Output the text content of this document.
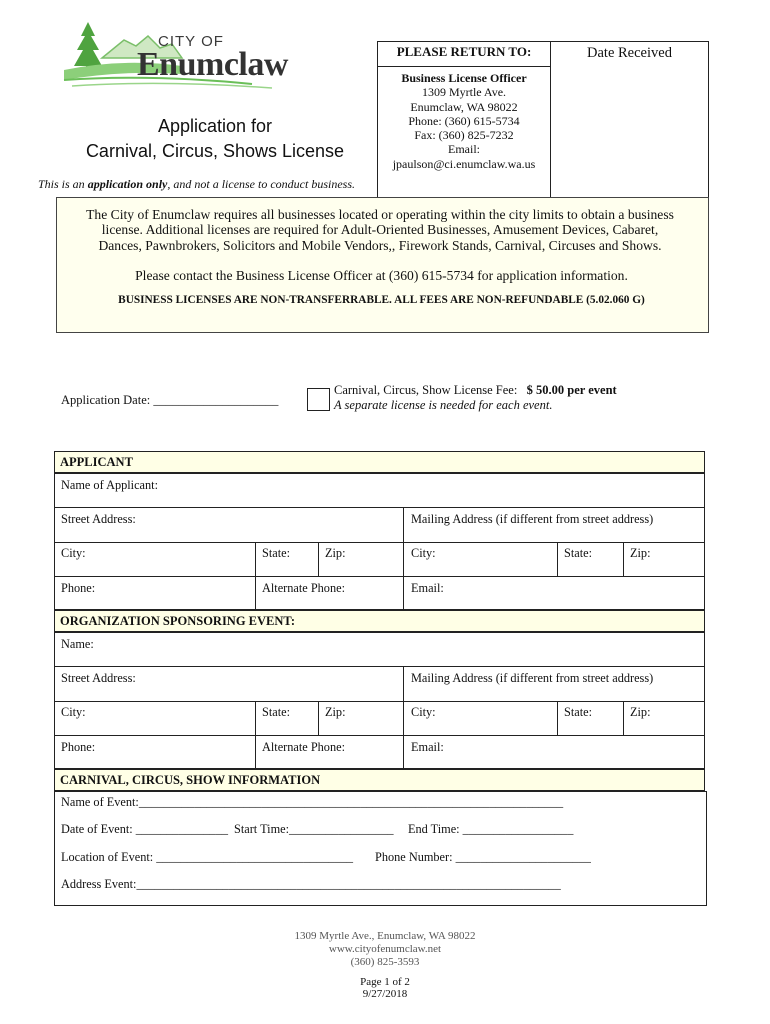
CITY OF
Enumclaw
Application for
Carnival, Circus, Shows License
This is an application only, and not a license to conduct business.
PLEASE RETURN TO:	Date Received
Business License Officer
1309 Myrtle Ave.
Enumclaw, WA 98022
Phone: (360) 615-5734
Fax: (360) 825-7232
Email:
jpaulson@ci.enumclaw.wa.us
The City of Enumclaw requires all businesses located or operating within the city limits to obtain a business license. Additional licenses are required for Adult-Oriented Businesses, Amusement Devices, Cabaret, Dances, Pawnbrokers, Solicitors and Mobile Vendors,, Firework Stands, Carnival, Circuses and Shows.
Please contact the Business License Officer at (360) 615-5734 for application information.
BUSINESS LICENSES ARE NON-TRANSFERRABLE. ALL FEES ARE NON-REFUNDABLE (5.02.060 G)
Application Date: ____________________
Carnival, Circus, Show License Fee:   $ 50.00 per event
A separate license is needed for each event.
APPLICANT
Name of Applicant:
Street Address:	Mailing Address (if different from street address)
City:	State:	Zip:	City:	State:	Zip:
Phone:	Alternate Phone:	Email:
ORGANIZATION SPONSORING EVENT:
Name:
Street Address:	Mailing Address (if different from street address)
City:	State:	Zip:	City:	State:	Zip:
Phone:	Alternate Phone:	Email:
CARNIVAL, CIRCUS, SHOW INFORMATION
Name of Event:_____________________________________________________________________
Date of Event: _______________ Start Time:_________________ End Time: __________________
Location of Event: ________________________________ Phone Number: ______________________
Address Event:_____________________________________________________________________
1309 Myrtle Ave., Enumclaw, WA 98022
www.cityofenumclaw.net
(360) 825-3593
Page 1 of 2
9/27/2018
